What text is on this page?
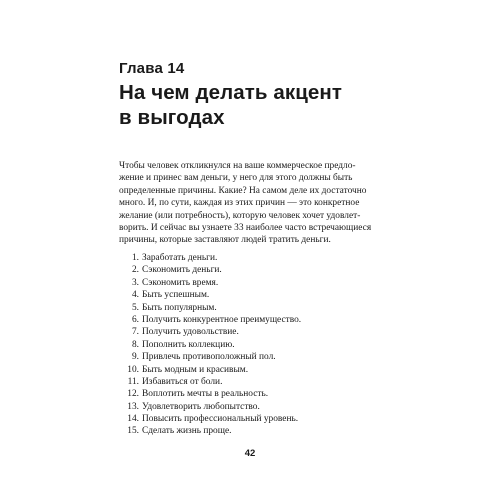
Глава 14
На чем делать акцент
в выгодах
Чтобы человек откликнулся на ваше коммерческое предло-
жение и принес вам деньги, у него для этого должны быть
определенные причины. Какие? На самом деле их достаточно
много. И, по сути, каждая из этих причин — это конкретное
желание (или потребность), которую человек хочет удовлет-
ворить. И сейчас вы узнаете 33 наиболее часто встречающиеся
причины, которые заставляют людей тратить деньги.
1. Заработать деньги.
2. Сэкономить деньги.
3. Сэкономить время.
4. Быть успешным.
5. Быть популярным.
6. Получить конкурентное преимущество.
7. Получить удовольствие.
8. Пополнить коллекцию.
9. Привлечь противоположный пол.
10. Быть модным и красивым.
11. Избавиться от боли.
12. Воплотить мечты в реальность.
13. Удовлетворить любопытство.
14. Повысить профессиональный уровень.
15. Сделать жизнь проще.
42
